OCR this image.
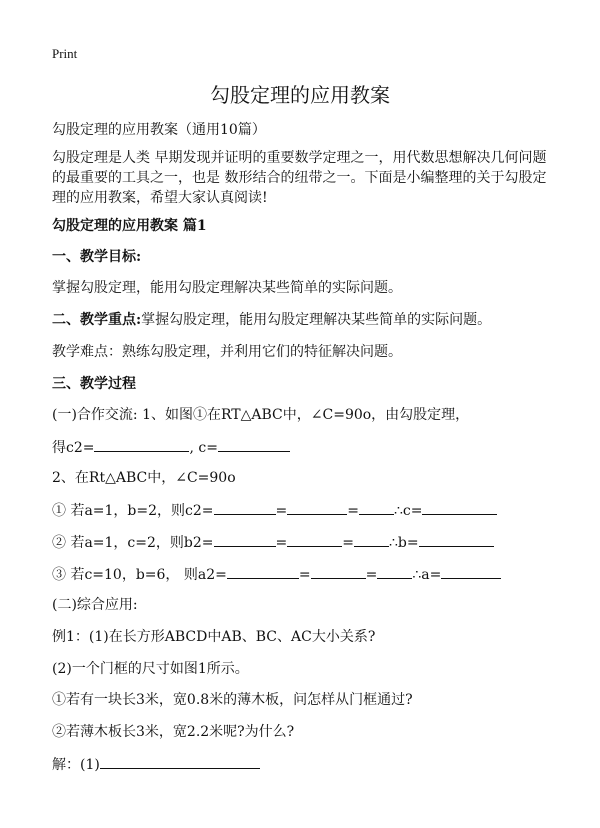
Print
勾股定理的应用教案
勾股定理的应用教案（通用10篇）
勾股定理是人类 早期发现并证明的重要数学定理之一，用代数思想解决几何问题
的最重要的工具之一，也是 数形结合的纽带之一。下面是小编整理的关于勾股定
理的应用教案，希望大家认真阅读!
勾股定理的应用教案 篇1
一、教学目标:
掌握勾股定理，能用勾股定理解决某些简单的实际问题。
二、教学重点:掌握勾股定理，能用勾股定理解决某些简单的实际问题。
教学难点：熟练勾股定理，并利用它们的特征解决问题。
三、教学过程
(一)合作交流: 1、如图①在RT△ABC中，∠C=90o，由勾股定理，
得c2=	, c=
2、在Rt△ABC中，∠C=90o
① 若a=1，b=2，则c2=	=	=	∴c=
② 若a=1，c=2，则b2=	=	=	∴b=
③ 若c=10，b=6， 则a2=	=	=	∴a=
(二)综合应用:
例1：(1)在长方形ABCD中AB、BC、AC大小关系?
(2)一个门框的尺寸如图1所示。
①若有一块长3米，宽0.8米的薄木板，问怎样从门框通过?
②若薄木板长3米，宽2.2米呢?为什么?
解：(1)
